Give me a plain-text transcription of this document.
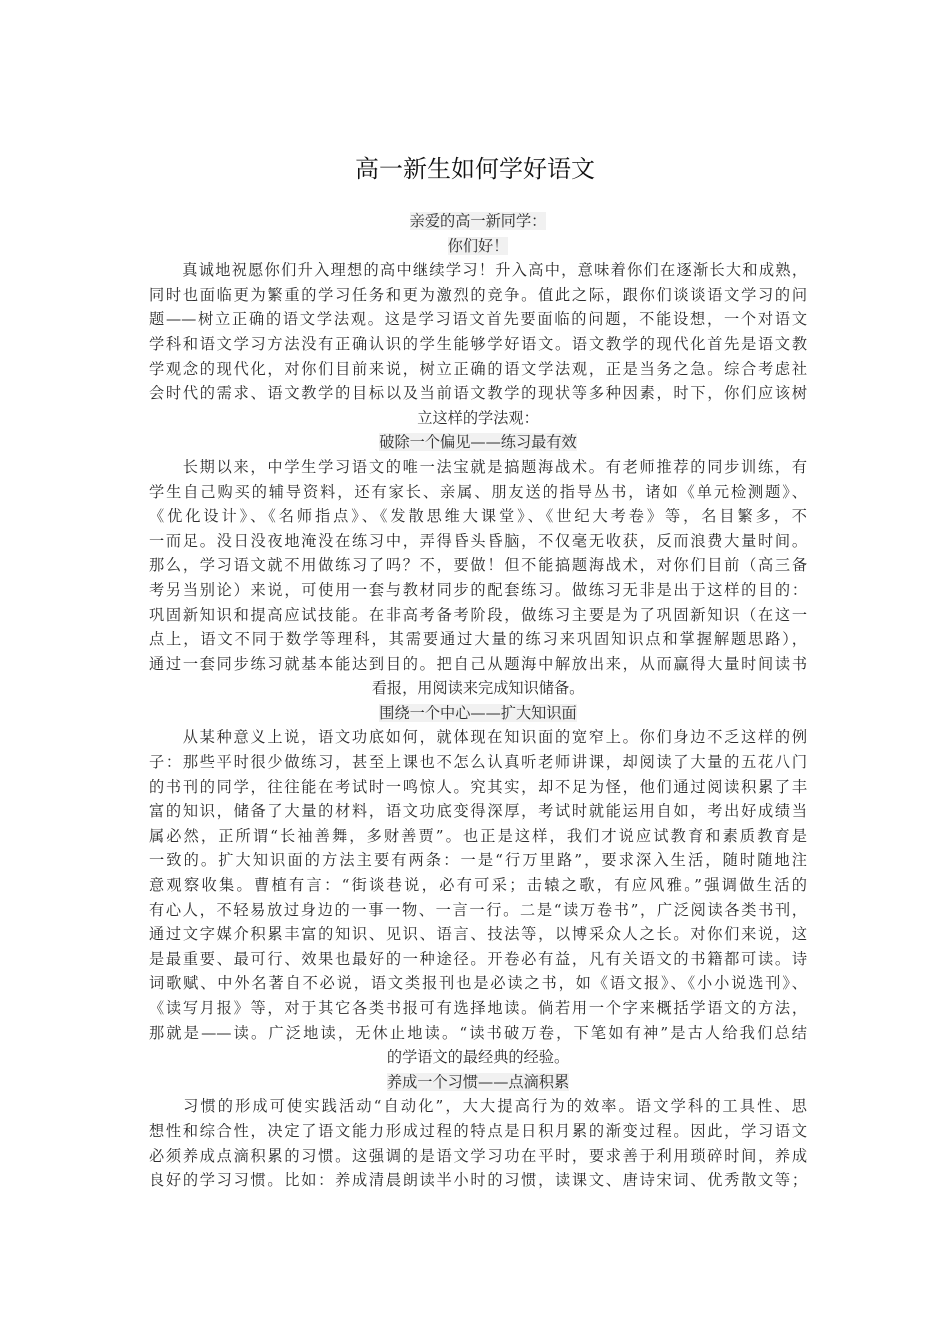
高一新生如何学好语文
亲爱的高一新同学：
你们好！
真诚地祝愿你们升入理想的高中继续学习！升入高中，意味着你们在逐渐长大和成熟，
同时也面临更为繁重的学习任务和更为激烈的竞争。值此之际，跟你们谈谈语文学习的问
题——树立正确的语文学法观。这是学习语文首先要面临的问题，不能设想，一个对语文
学科和语文学习方法没有正确认识的学生能够学好语文。语文教学的现代化首先是语文教
学观念的现代化，对你们目前来说，树立正确的语文学法观，正是当务之急。综合考虑社
会时代的需求、语文教学的目标以及当前语文教学的现状等多种因素，时下，你们应该树
立这样的学法观：
破除一个偏见——练习最有效
长期以来，中学生学习语文的唯一法宝就是搞题海战术。有老师推荐的同步训练，有
学生自己购买的辅导资料，还有家长、亲属、朋友送的指导丛书，诸如《单元检测题》、
《优化设计》、《名师指点》、《发散思维大课堂》、《世纪大考卷》等，名目繁多，不
一而足。没日没夜地淹没在练习中，弄得昏头昏脑，不仅毫无收获，反而浪费大量时间。
那么，学习语文就不用做练习了吗？不，要做！但不能搞题海战术，对你们目前（高三备
考另当别论）来说，可使用一套与教材同步的配套练习。做练习无非是出于这样的目的：
巩固新知识和提高应试技能。在非高考备考阶段，做练习主要是为了巩固新知识（在这一
点上，语文不同于数学等理科，其需要通过大量的练习来巩固知识点和掌握解题思路），
通过一套同步练习就基本能达到目的。把自己从题海中解放出来，从而赢得大量时间读书
看报，用阅读来完成知识储备。
围绕一个中心——扩大知识面
从某种意义上说，语文功底如何，就体现在知识面的宽窄上。你们身边不乏这样的例
子：那些平时很少做练习，甚至上课也不怎么认真听老师讲课，却阅读了大量的五花八门
的书刊的同学，往往能在考试时一鸣惊人。究其实，却不足为怪，他们通过阅读积累了丰
富的知识，储备了大量的材料，语文功底变得深厚，考试时就能运用自如，考出好成绩当
属必然，正所谓“长袖善舞，多财善贾”。也正是这样，我们才说应试教育和素质教育是
一致的。扩大知识面的方法主要有两条：一是“行万里路”，要求深入生活，随时随地注
意观察收集。曹植有言：“街谈巷说，必有可采；击辕之歌，有应风雅。”强调做生活的
有心人，不轻易放过身边的一事一物、一言一行。二是“读万卷书”，广泛阅读各类书刊，
通过文字媒介积累丰富的知识、见识、语言、技法等，以博采众人之长。对你们来说，这
是最重要、最可行、效果也最好的一种途径。开卷必有益，凡有关语文的书籍都可读。诗
词歌赋、中外名著自不必说，语文类报刊也是必读之书，如《语文报》、《小小说选刊》、
《读写月报》等，对于其它各类书报可有选择地读。倘若用一个字来概括学语文的方法，
那就是——读。广泛地读，无休止地读。“读书破万卷，下笔如有神”是古人给我们总结
的学语文的最经典的经验。
养成一个习惯——点滴积累
习惯的形成可使实践活动“自动化”，大大提高行为的效率。语文学科的工具性、思
想性和综合性，决定了语文能力形成过程的特点是日积月累的渐变过程。因此，学习语文
必须养成点滴积累的习惯。这强调的是语文学习功在平时，要求善于利用琐碎时间，养成
良好的学习习惯。比如：养成清晨朗读半小时的习惯，读课文、唐诗宋词、优秀散文等；
